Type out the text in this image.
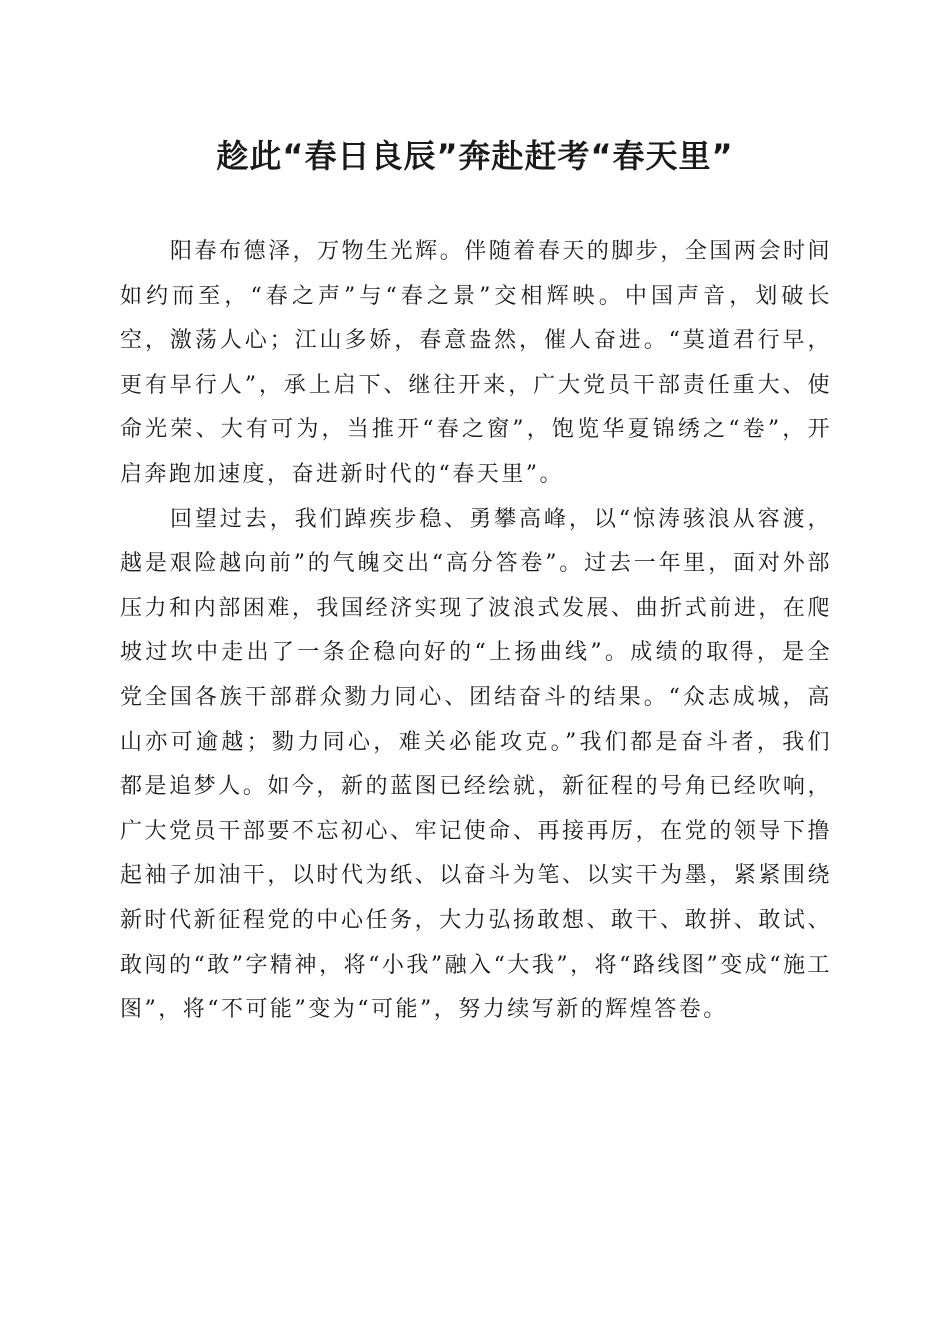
趁此“春日良辰”奔赴赶考“春天里”

阳春布德泽，万物生光辉。伴随着春天的脚步，全国两会时间如约而至，“春之声”与“春之景”交相辉映。中国声音，划破长空，激荡人心；江山多娇，春意盎然，催人奋进。“莫道君行早，更有早行人”，承上启下、继往开来，广大党员干部责任重大、使命光荣、大有可为，当推开“春之窗”，饱览华夏锦绣之“卷”，开启奔跑加速度，奋进新时代的“春天里”。

回望过去，我们踔疾步稳、勇攀高峰，以“惊涛骇浪从容渡，越是艰险越向前”的气魄交出“高分答卷”。过去一年里，面对外部压力和内部困难，我国经济实现了波浪式发展、曲折式前进，在爬坡过坎中走出了一条企稳向好的“上扬曲线”。成绩的取得，是全党全国各族干部群众勠力同心、团结奋斗的结果。“众志成城，高山亦可逾越；勠力同心，难关必能攻克。”我们都是奋斗者，我们都是追梦人。如今，新的蓝图已经绘就，新征程的号角已经吹响，广大党员干部要不忘初心、牢记使命、再接再厉，在党的领导下撸起袖子加油干，以时代为纸、以奋斗为笔、以实干为墨，紧紧围绕新时代新征程党的中心任务，大力弘扬敢想、敢干、敢拼、敢试、敢闯的“敢”字精神，将“小我”融入“大我”，将“路线图”变成“施工图”，将“不可能”变为“可能”，努力续写新的辉煌答卷。
